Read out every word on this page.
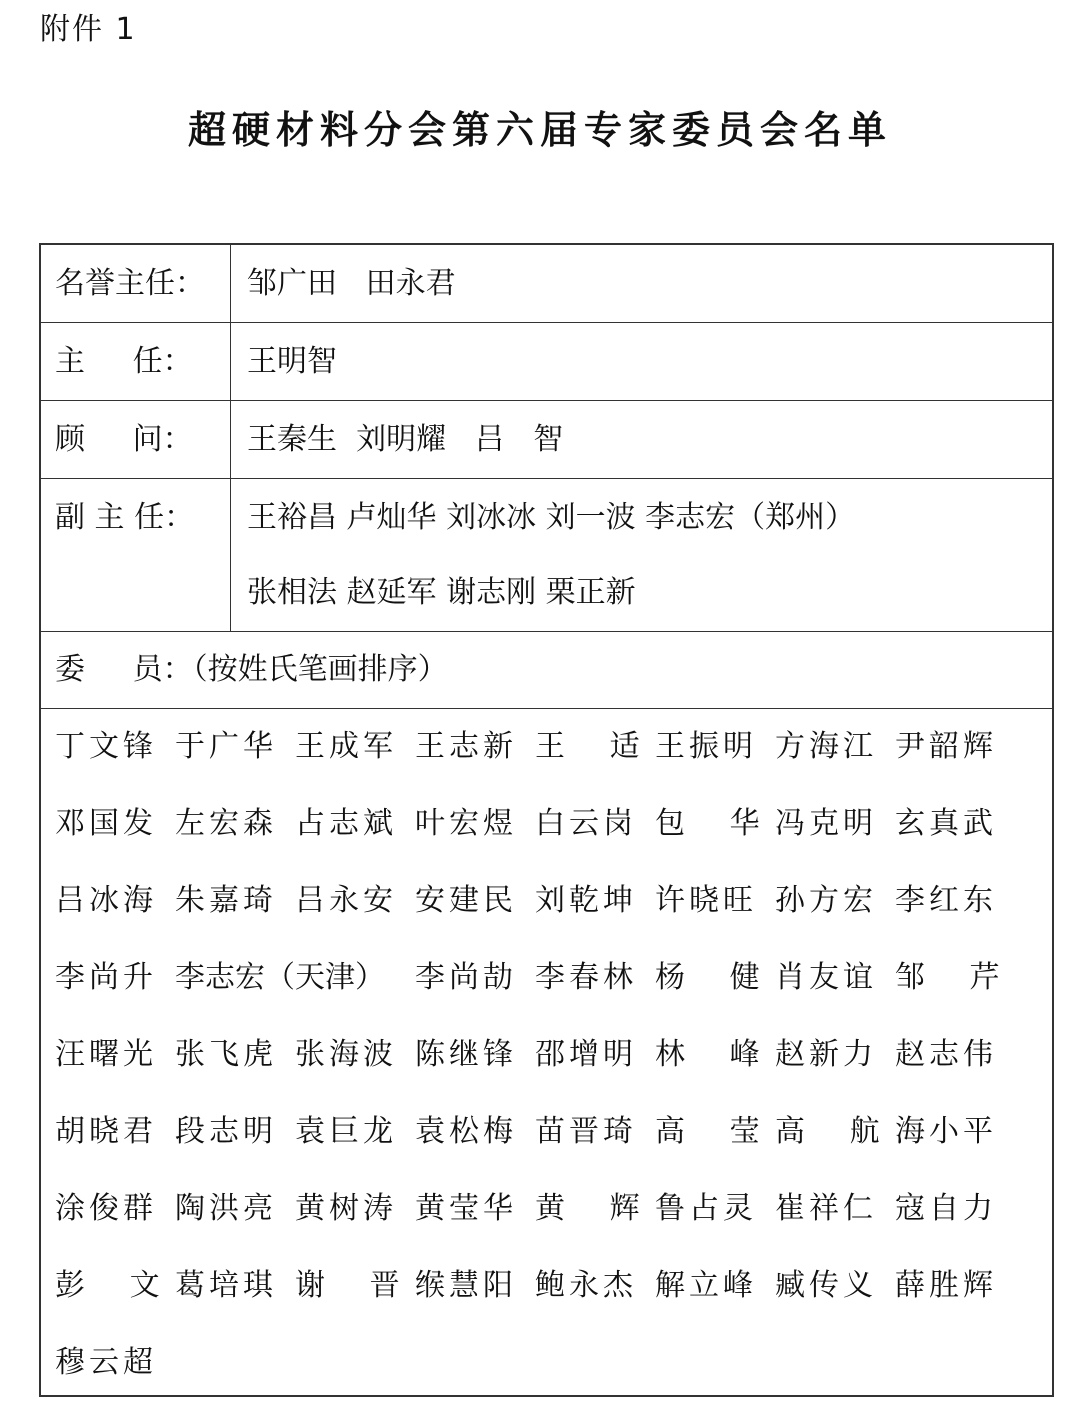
附件 1
超硬材料分会第六届专家委员会名单
名誉主任： 邹广田   田永君
主     任： 王明智
顾     问： 王秦生  刘明耀   吕   智
副 主 任： 王裕昌 卢灿华 刘冰冰 刘一波 李志宏（郑州）
张相法 赵延军 谢志刚 栗正新
委     员：（按姓氏笔画排序）
丁文锋 于广华 王成军 王志新 王   适 王振明 方海江 尹韶辉
邓国发 左宏森 占志斌 叶宏煜 白云岗 包   华 冯克明 玄真武
吕冰海 朱嘉琦 吕永安 安建民 刘乾坤 许晓旺 孙方宏 李红东
李尚升 李志宏（天津） 李尚劼 李春林 杨   健 肖友谊 邹   芹
汪曙光 张飞虎 张海波 陈继锋 邵增明 林   峰 赵新力 赵志伟
胡晓君 段志明 袁巨龙 袁松梅 苗晋琦 高   莹 高   航 海小平
涂俊群 陶洪亮 黄树涛 黄莹华 黄   辉 鲁占灵 崔祥仁 寇自力
彭   文 葛培琪 谢   晋 缑慧阳 鲍永杰 解立峰 臧传义 薛胜辉
穆云超
